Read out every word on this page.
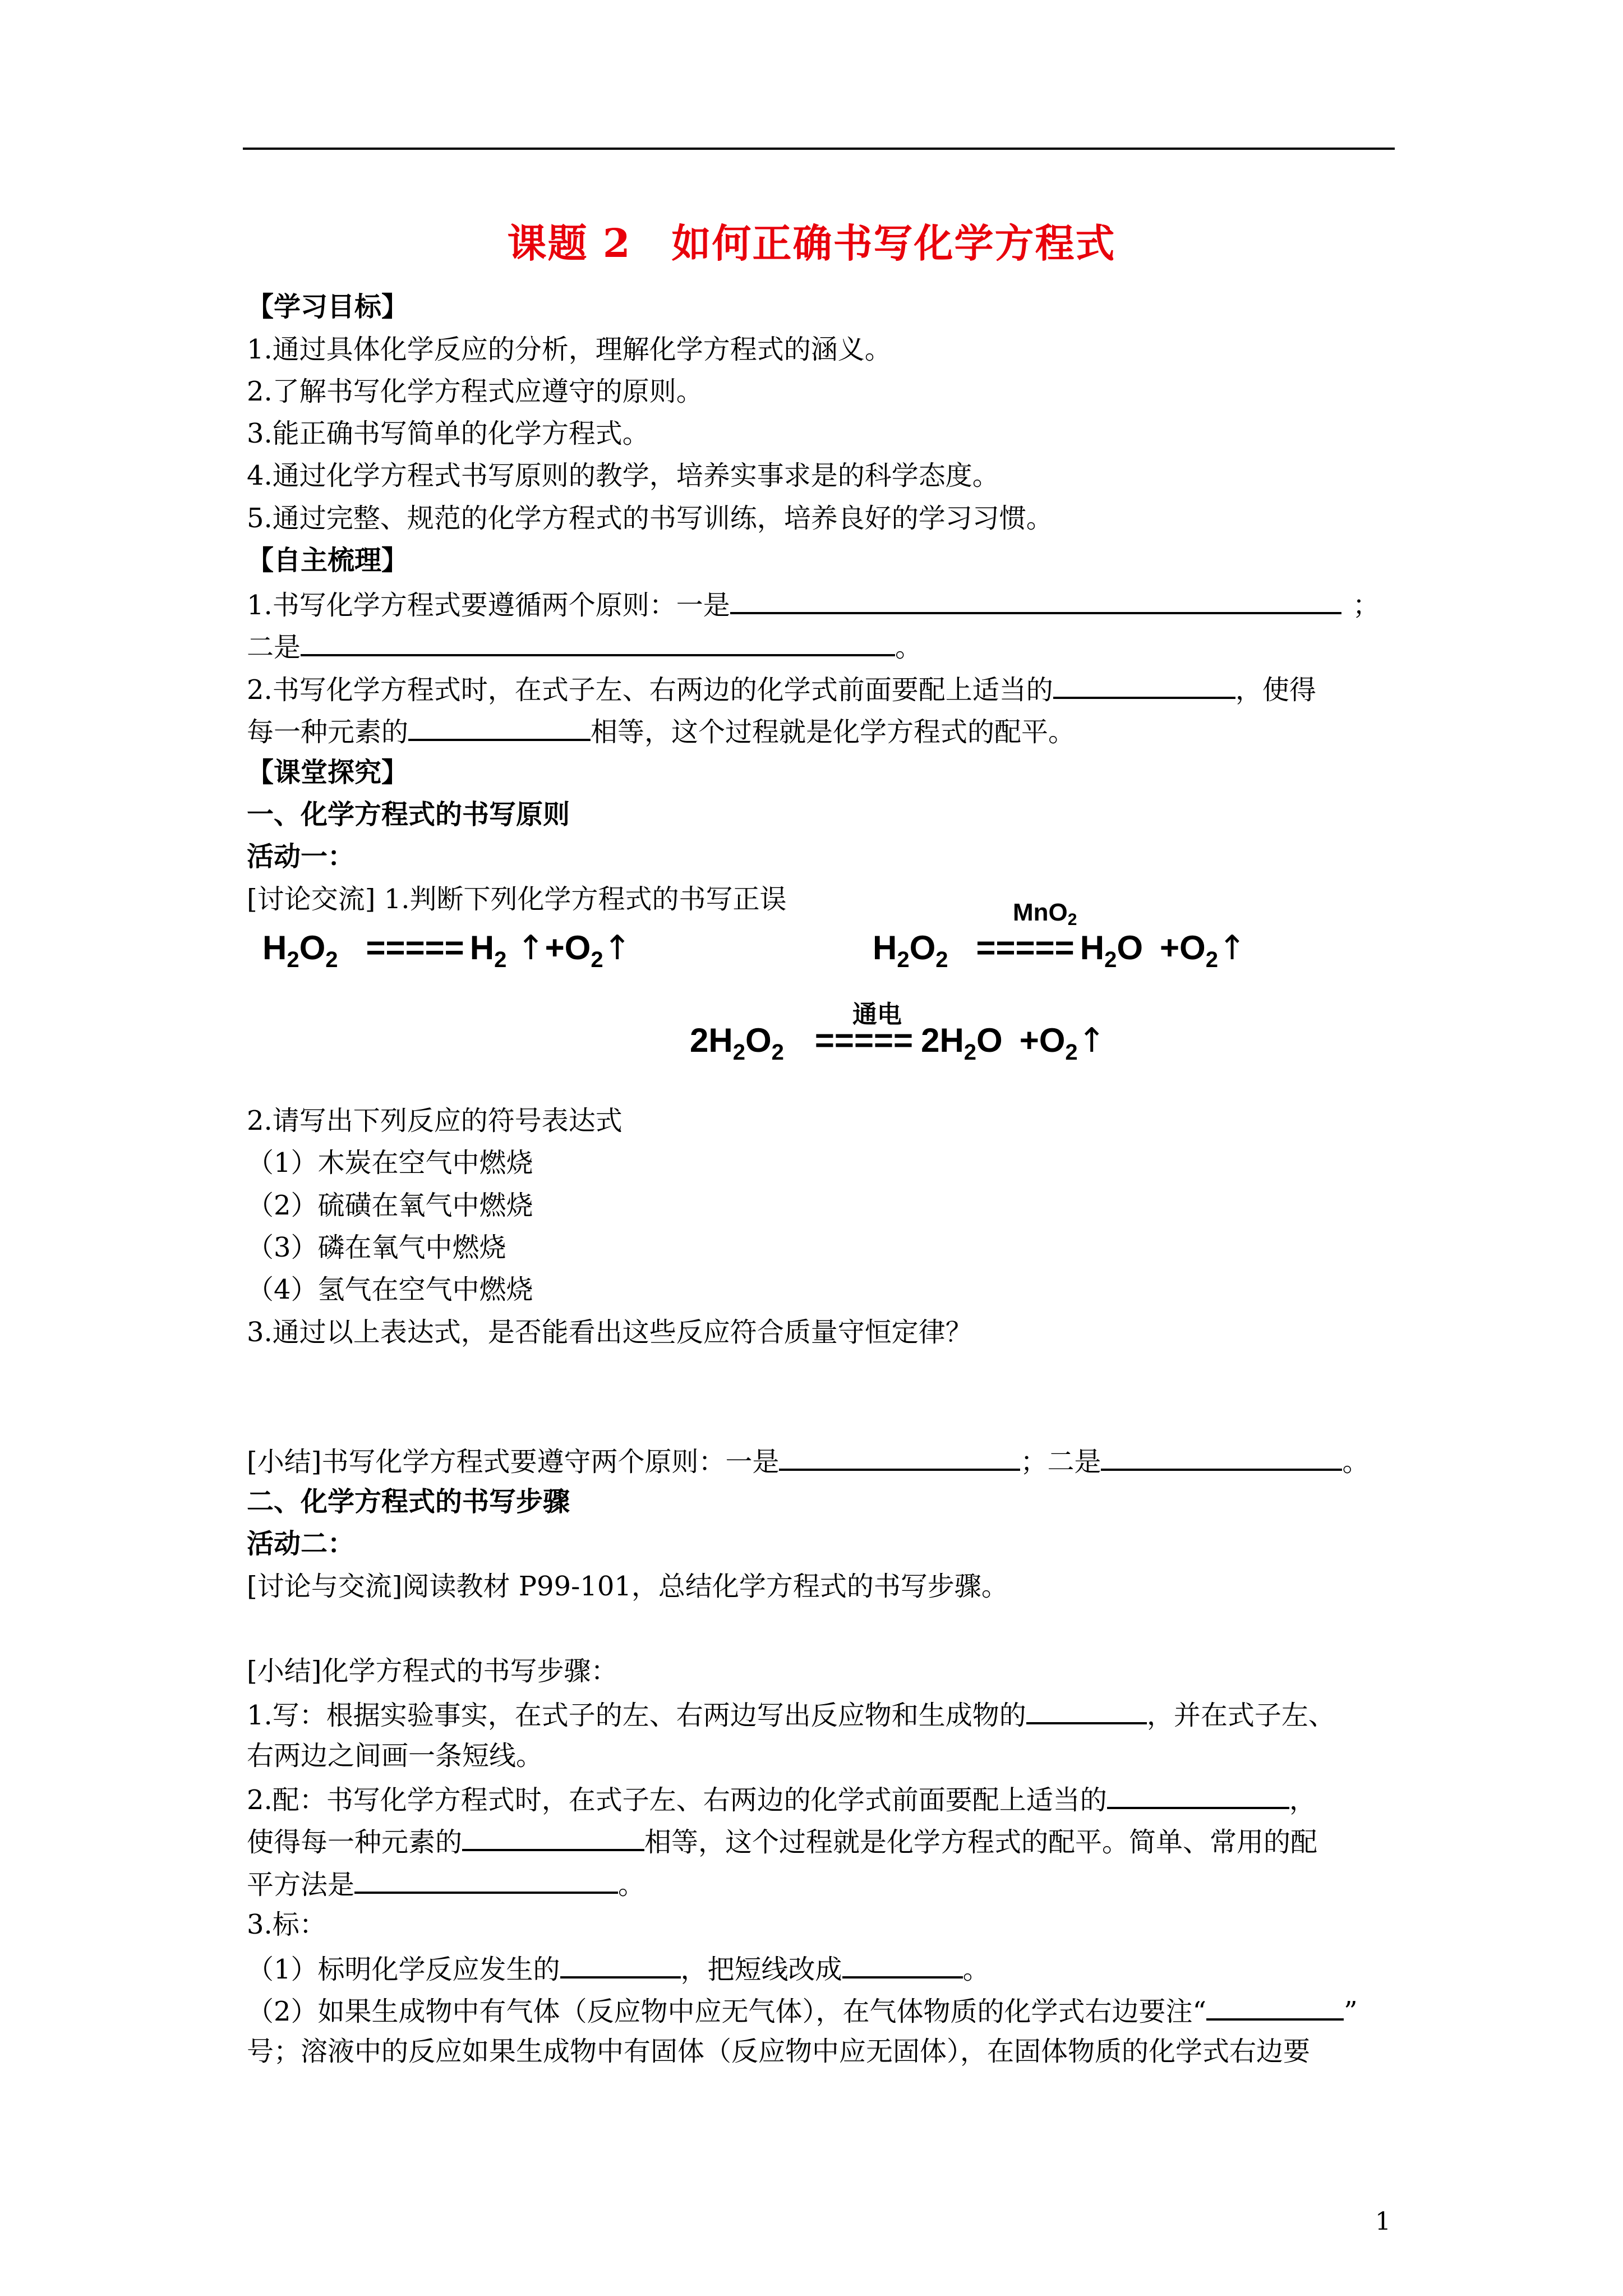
课题 2　如何正确书写化学方程式
【学习目标】
1.通过具体化学反应的分析，理解化学方程式的涵义。
2.了解书写化学方程式应遵守的原则。
3.能正确书写简单的化学方程式。
4.通过化学方程式书写原则的教学，培养实事求是的科学态度。
5.通过完整、规范的化学方程式的书写训练，培养良好的学习习惯。
【自主梳理】
1.书写化学方程式要遵循两个原则：一是	；
二是	。
2.书写化学方程式时，在式子左、右两边的化学式前面要配上适当的	，使得
每一种元素的	相等，这个过程就是化学方程式的配平。
【课堂探究】
一、化学方程式的书写原则
活动一：
[讨论交流] 1.判断下列化学方程式的书写正误
$H_2O_2$ ===== $H_2$ $↑+O_2↑$
MnO$_2$
$H_2O_2$ ===== $H_2O$ $+O_2↑$
通电
$2H_2O_2$ ===== $2H_2O$ $+O_2↑$
2.请写出下列反应的符号表达式
（1）木炭在空气中燃烧
（2）硫磺在氧气中燃烧
（3）磷在氧气中燃烧
（4）氢气在空气中燃烧
3.通过以上表达式，是否能看出这些反应符合质量守恒定律？
[小结]书写化学方程式要遵守两个原则：一是	；二是	。
二、化学方程式的书写步骤
活动二：
[讨论与交流]阅读教材 P99-101，总结化学方程式的书写步骤。
[小结]化学方程式的书写步骤：
1.写：根据实验事实，在式子的左、右两边写出反应物和生成物的	，并在式子左、
右两边之间画一条短线。
2.配：书写化学方程式时，在式子左、右两边的化学式前面要配上适当的	，
使得每一种元素的	相等，这个过程就是化学方程式的配平。简单、常用的配
平方法是	。
3.标：
（1）标明化学反应发生的	，把短线改成	。
（2）如果生成物中有气体（反应物中应无气体），在气体物质的化学式右边要注“	”
号；溶液中的反应如果生成物中有固体（反应物中应无固体），在固体物质的化学式右边要
1
